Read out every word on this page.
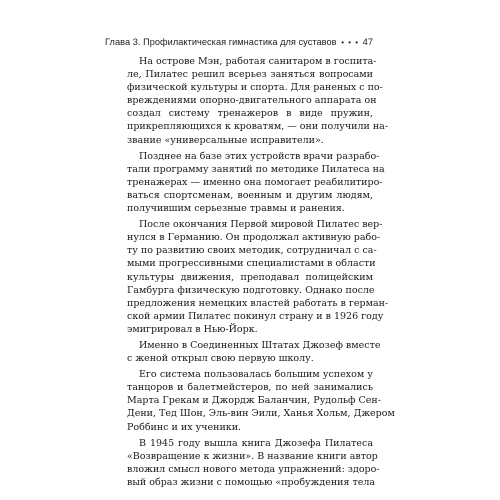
Глава 3. Профилактическая гимнастика для суставов • • • 47

На острове Мэн, работая санитаром в госпита-
ле, Пилатес решил всерьез заняться вопросами
физической культуры и спорта. Для раненых с по-
вреждениями опорно-двигательного аппарата он
создал систему тренажеров в виде пружин,
прикрепляющихся к кроватям, — они получили на-
звание «универсальные исправители».

Позднее на базе этих устройств врачи разрабо-
тали программу занятий по методике Пилатеса на
тренажерах — именно она помогает реабилитиро-
ваться спортсменам, военным и другим людям,
получившим серьезные травмы и ранения.

После окончания Первой мировой Пилатес вер-
нулся в Германию. Он продолжал активную рабо-
ту по развитию своих методик, сотрудничал с са-
мыми прогрессивными специалистами в области
культуры движения, преподавал полицейским
Гамбурга физическую подготовку. Однако после
предложения немецких властей работать в герман-
ской армии Пилатес покинул страну и в 1926 году
эмигрировал в Нью-Йорк.

Именно в Соединенных Штатах Джозеф вместе
с женой открыл свою первую школу.

Его система пользовалась большим успехом у
танцоров и балетмейстеров, по ней занимались
Марта Грекам и Джордж Баланчин, Рудольф Сен-
Дени, Тед Шон, Эль-вин Эили, Ханья Хольм, Джером
Роббинс и их ученики.

В 1945 году вышла книга Джозефа Пилатеса
«Возвращение к жизни». В название книги автор
вложил смысл нового метода упражнений: здоро-
вый образ жизни с помощью «пробуждения тела
